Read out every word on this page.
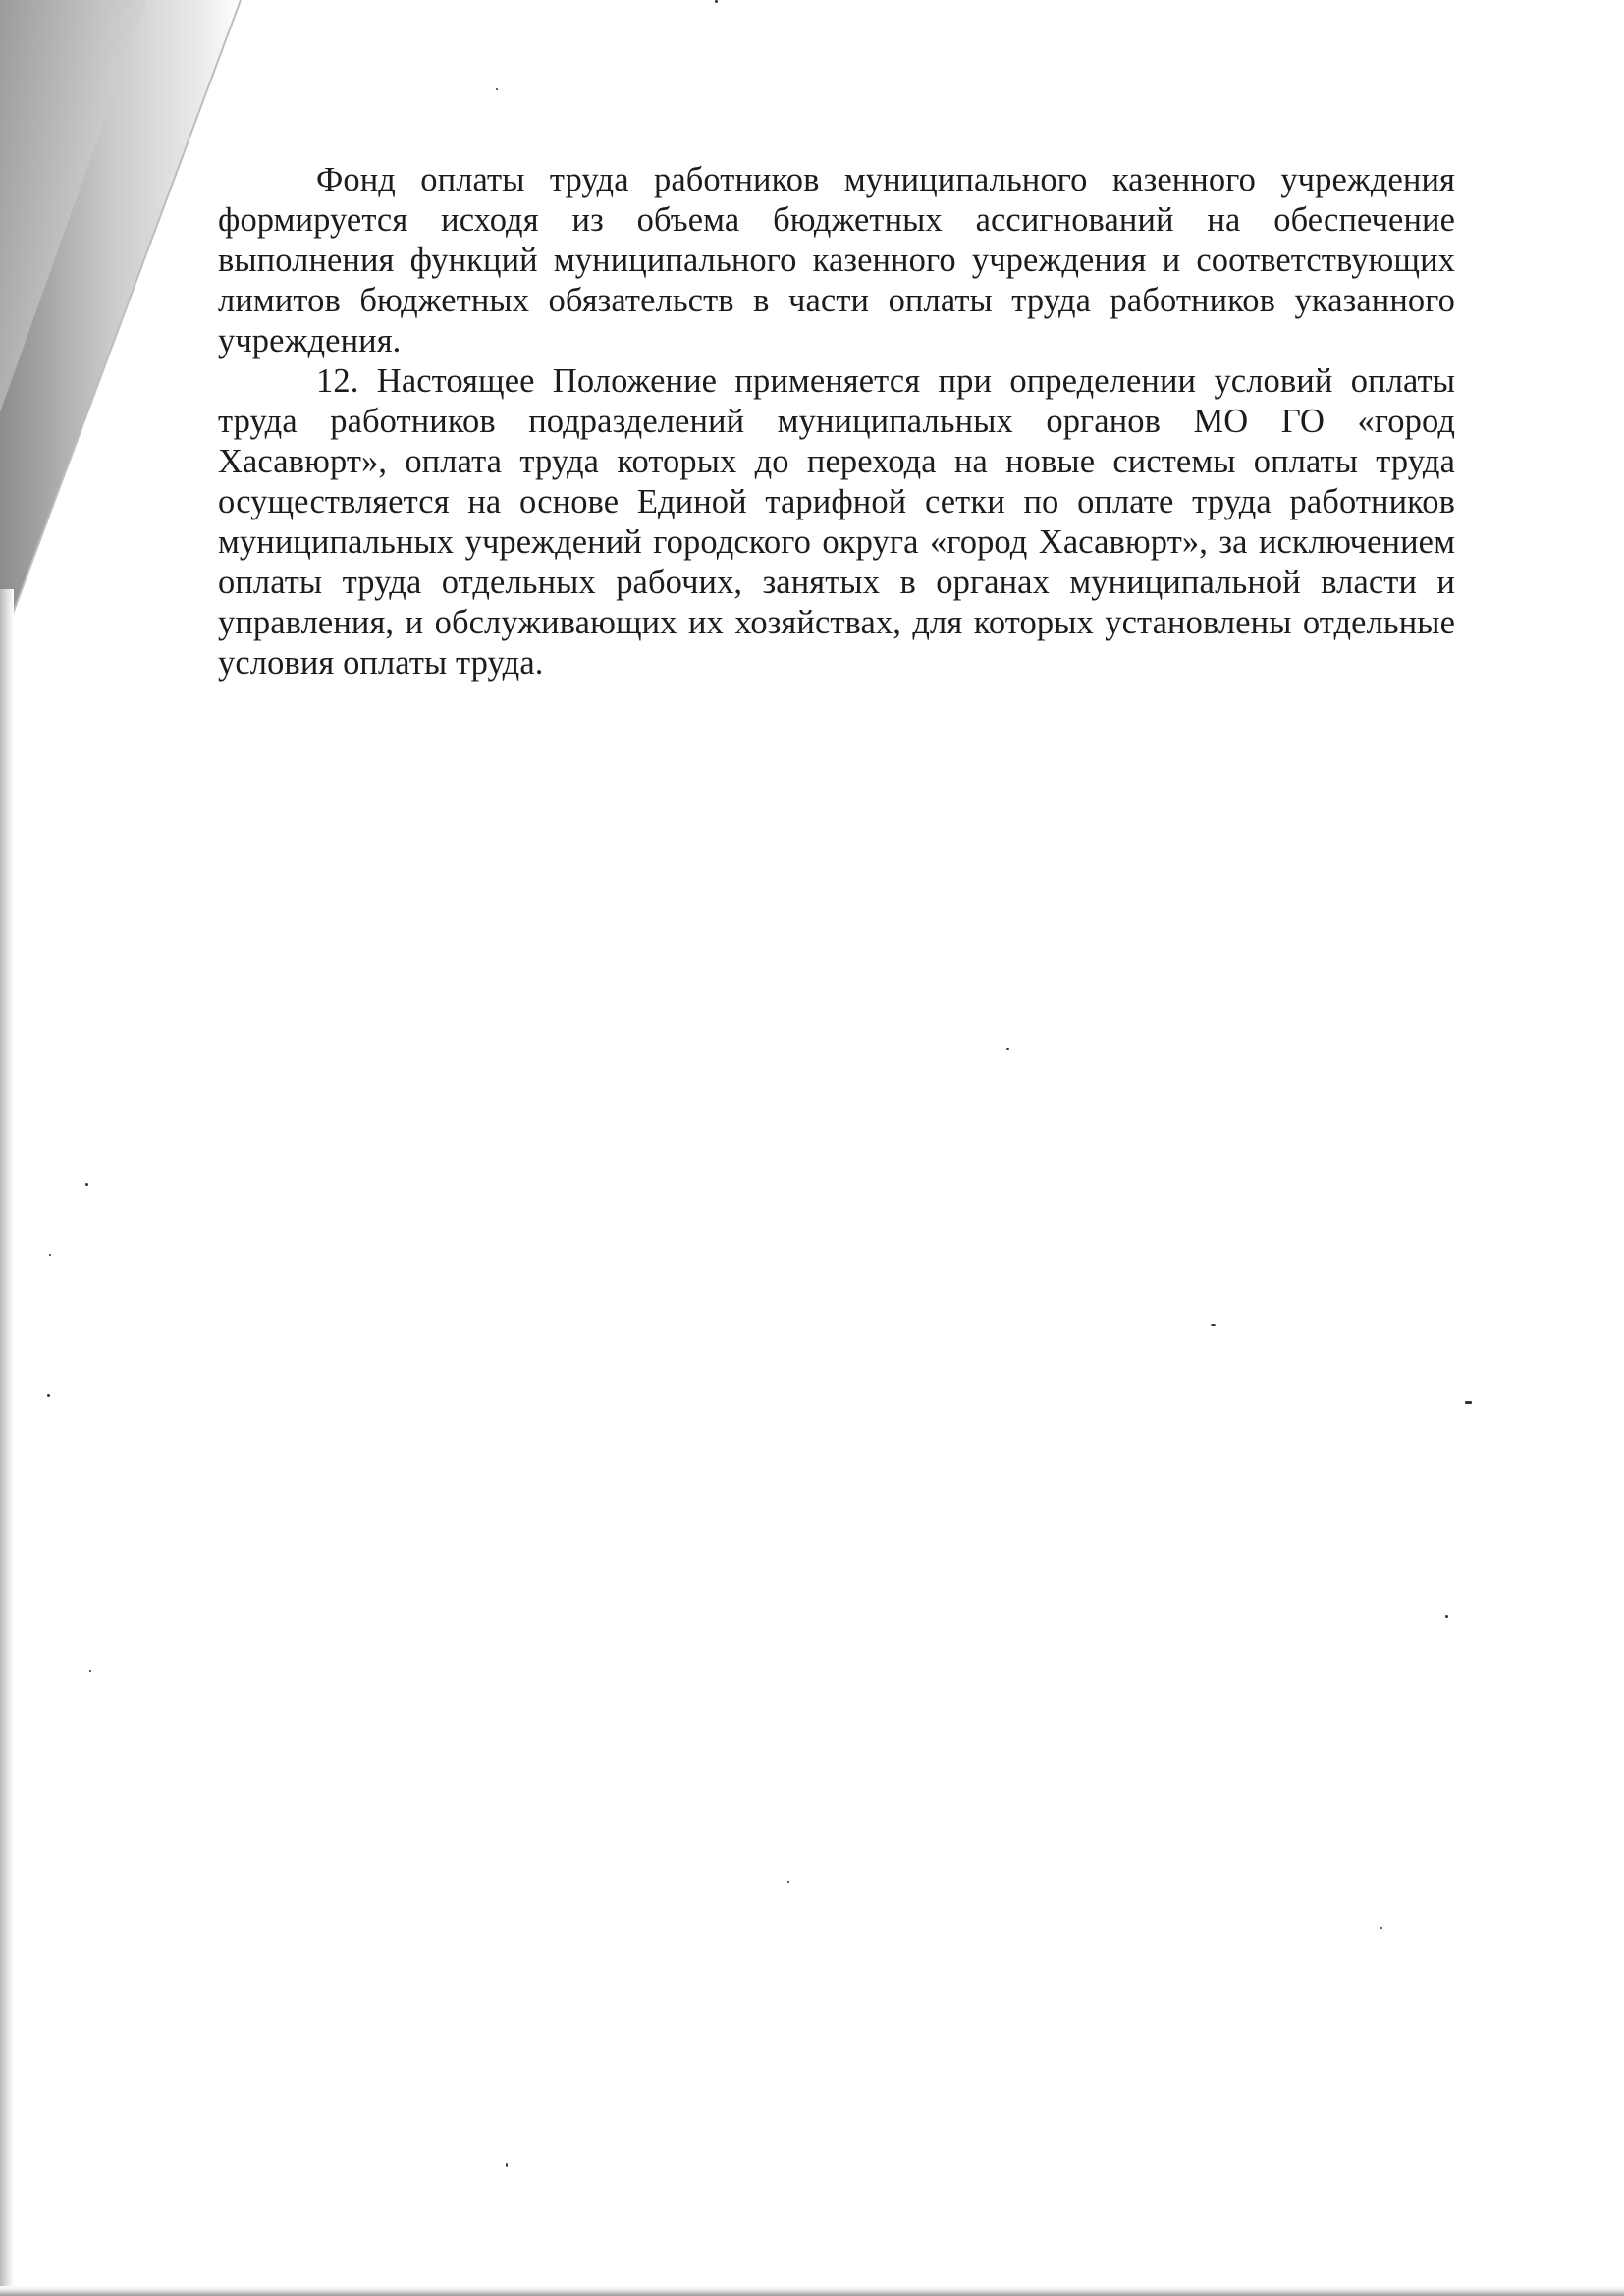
Фонд оплаты труда работников муниципального казенного учреждения формируется исходя из объема бюджетных ассигнований на обеспечение выполнения функций муниципального казенного учреждения и соответствующих лимитов бюджетных обязательств в части оплаты труда работников указанного учреждения.

12. Настоящее Положение применяется при определении условий оплаты труда работников подразделений муниципальных органов МО ГО «город Хасавюрт», оплата труда которых до перехода на новые системы оплаты труда осуществляется на основе Единой тарифной сетки по оплате труда работников муниципальных учреждений городского округа «город Хасавюрт», за исключением оплаты труда отдельных рабочих, занятых в органах муниципальной власти и управления, и обслуживающих их хозяйствах, для которых установлены отдельные условия оплаты труда.
